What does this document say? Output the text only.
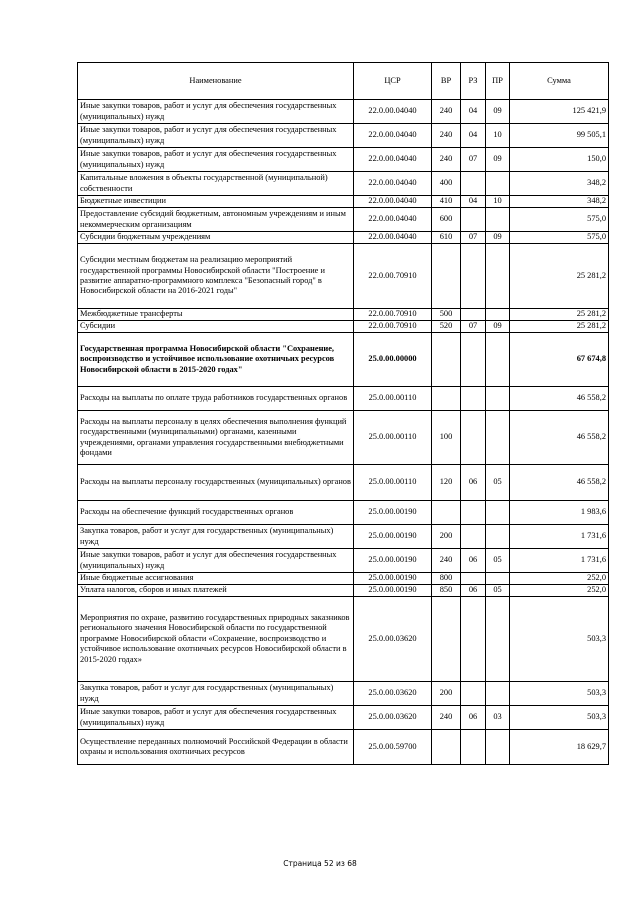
Наименование	ЦСР	ВР	РЗ	ПР	Сумма
Иные закупки товаров, работ и услуг для обеспечения государственных (муниципальных) нужд	22.0.00.04040	240	04	09	125 421,9
Иные закупки товаров, работ и услуг для обеспечения государственных (муниципальных) нужд	22.0.00.04040	240	04	10	99 505,1
Иные закупки товаров, работ и услуг для обеспечения государственных (муниципальных) нужд	22.0.00.04040	240	07	09	150,0
Капитальные вложения в объекты государственной (муниципальной) собственности	22.0.00.04040	400			348,2
Бюджетные инвестиции	22.0.00.04040	410	04	10	348,2
Предоставление субсидий бюджетным, автономным учреждениям и иным некоммерческим организациям	22.0.00.04040	600			575,0
Субсидии бюджетным учреждениям	22.0.00.04040	610	07	09	575,0
Субсидии местным бюджетам на реализацию мероприятий государственной программы Новосибирской области "Построение и развитие аппаратно-программного комплекса "Безопасный город" в Новосибирской области на 2016-2021 годы"	22.0.00.70910				25 281,2
Межбюджетные трансферты	22.0.00.70910	500			25 281,2
Субсидии	22.0.00.70910	520	07	09	25 281,2
Государственная программа Новосибирской области "Сохранение, воспроизводство и устойчивое использование охотничьих ресурсов Новосибирской области в 2015-2020 годах"	25.0.00.00000				67 674,8
Расходы на выплаты по оплате труда работников государственных органов	25.0.00.00110				46 558,2
Расходы на выплаты персоналу в целях обеспечения выполнения функций государственными (муниципальными) органами, казенными учреждениями, органами управления государственными внебюджетными фондами	25.0.00.00110	100			46 558,2
Расходы на выплаты персоналу государственных (муниципальных) органов	25.0.00.00110	120	06	05	46 558,2
Расходы на обеспечение функций государственных органов	25.0.00.00190				1 983,6
Закупка товаров, работ и услуг для государственных (муниципальных) нужд	25.0.00.00190	200			1 731,6
Иные закупки товаров, работ и услуг для обеспечения государственных (муниципальных) нужд	25.0.00.00190	240	06	05	1 731,6
Иные бюджетные ассигнования	25.0.00.00190	800			252,0
Уплата налогов, сборов и иных платежей	25.0.00.00190	850	06	05	252,0
Мероприятия по охране, развитию государственных природных заказников регионального значения Новосибирской области по государственной программе Новосибирской области «Сохранение, воспроизводство и устойчивое использование охотничьих ресурсов Новосибирской области в 2015-2020 годах»	25.0.00.03620				503,3
Закупка товаров, работ и услуг для государственных (муниципальных) нужд	25.0.00.03620	200			503,3
Иные закупки товаров, работ и услуг для обеспечения государственных (муниципальных) нужд	25.0.00.03620	240	06	03	503,3
Осуществление переданных полномочий Российской Федерации в области охраны и использования охотничьих ресурсов	25.0.00.59700				18 629,7
Страница 52 из 68
